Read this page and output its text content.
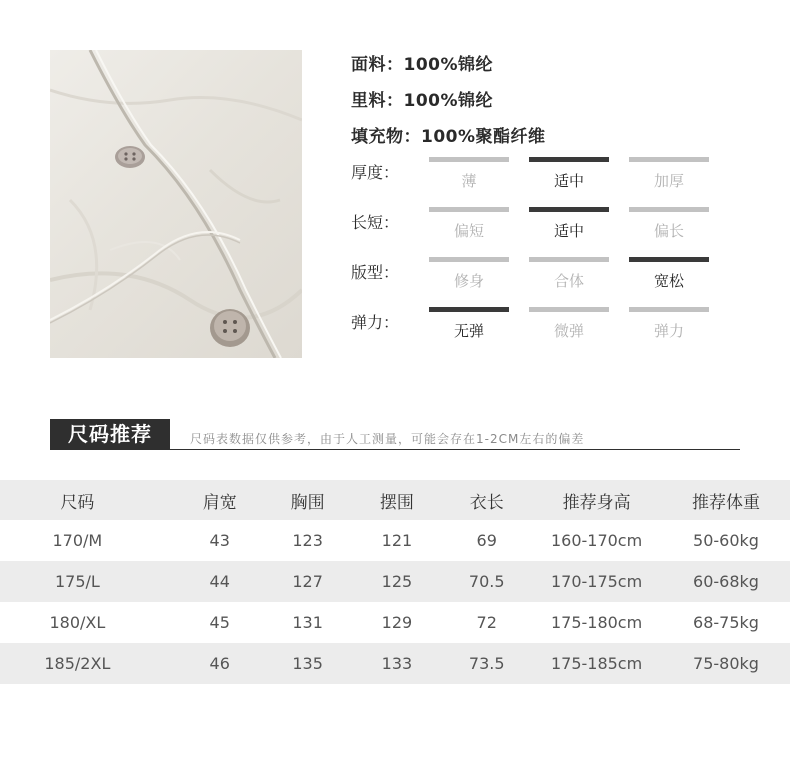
面料：100%锦纶
里料：100%锦纶
填充物：100%聚酯纤维
厚度：	薄	适中	加厚
长短：	偏短	适中	偏长
版型：	修身	合体	宽松
弹力：	无弹	微弹	弹力
尺码推荐	尺码表数据仅供参考，由于人工测量，可能会存在1-2CM左右的偏差
尺码	肩宽	胸围	摆围	衣长	推荐身高	推荐体重
170/M	43	123	121	69	160-170cm	50-60kg
175/L	44	127	125	70.5	170-175cm	60-68kg
180/XL	45	131	129	72	175-180cm	68-75kg
185/2XL	46	135	133	73.5	175-185cm	75-80kg
